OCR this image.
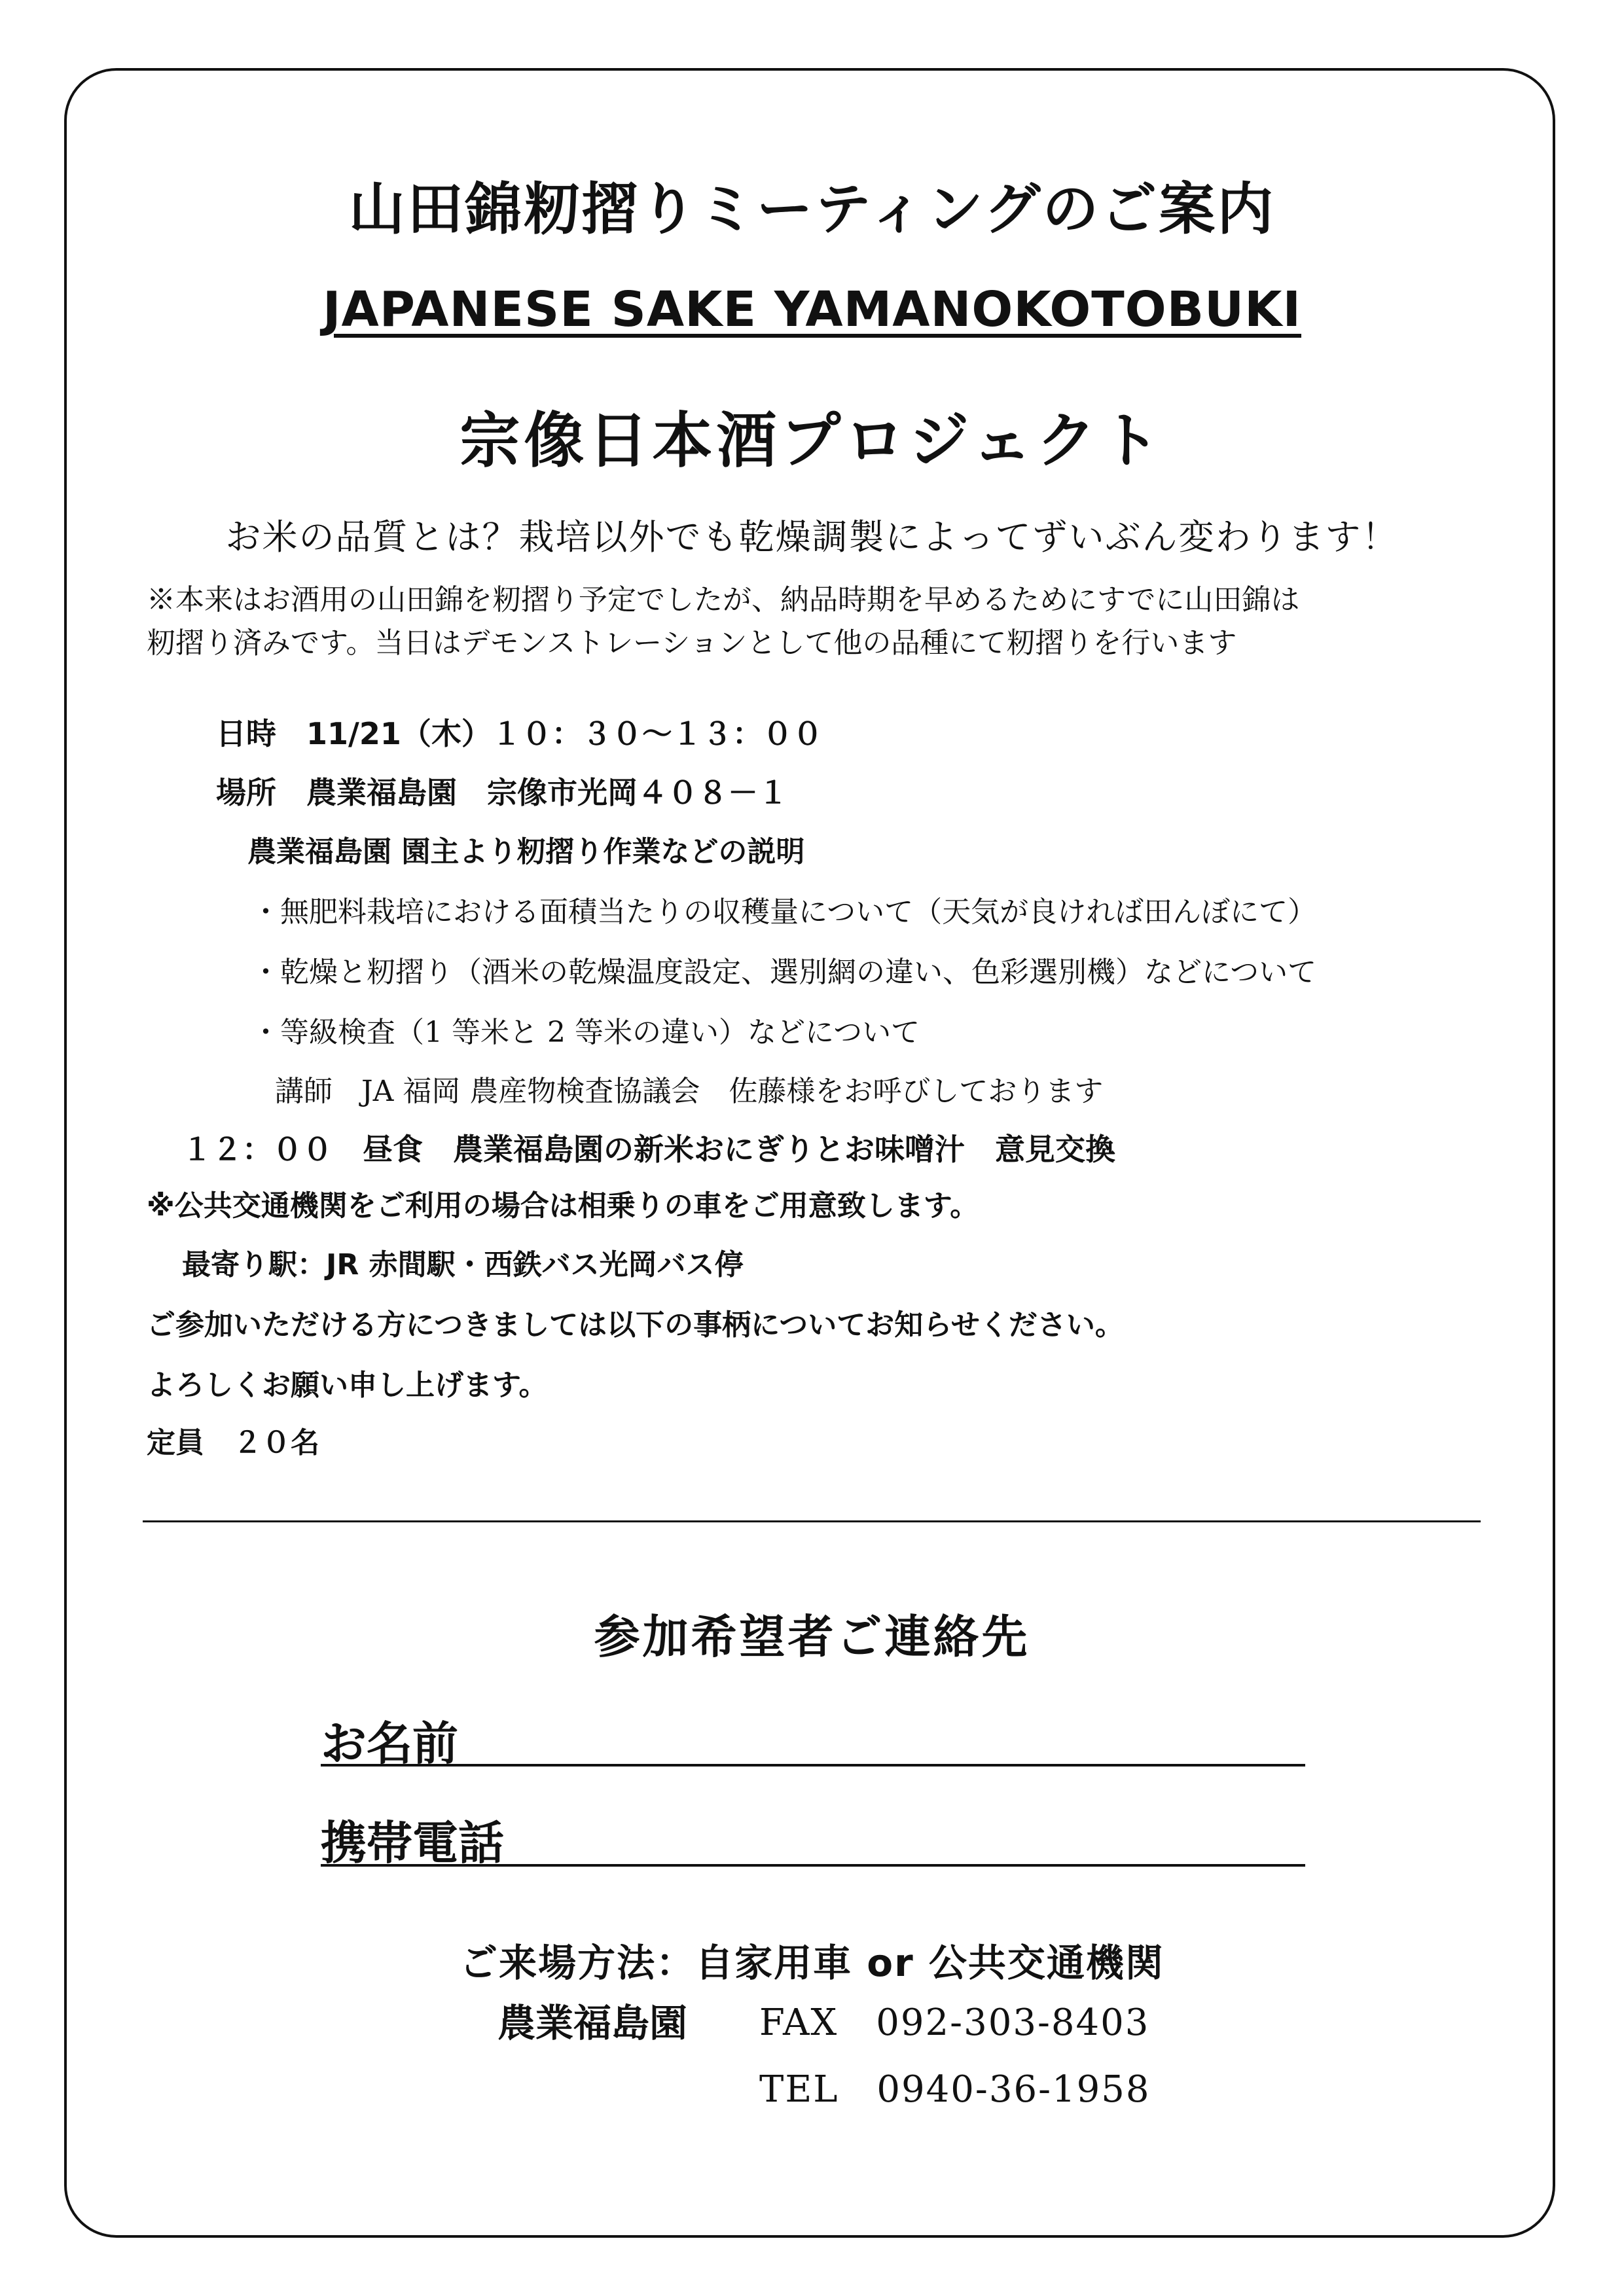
山田錦籾摺りミーティングのご案内
JAPANESE SAKE YAMANOKOTOBUKI
宗像日本酒プロジェクト
お米の品質とは？栽培以外でも乾燥調製によってずいぶん変わります！
※本来はお酒用の山田錦を籾摺り予定でしたが、納品時期を早めるためにすでに山田錦は
籾摺り済みです。当日はデモンストレーションとして他の品種にて籾摺りを行います
日時　11/21（木）１０：３０～１３：００
場所　農業福島園　宗像市光岡４０８－１
農業福島園 園主より籾摺り作業などの説明
・無肥料栽培における面積当たりの収穫量について（天気が良ければ田んぼにて）
・乾燥と籾摺り（酒米の乾燥温度設定、選別網の違い、色彩選別機）などについて
・等級検査（1 等米と 2 等米の違い）などについて
講師　JA 福岡 農産物検査協議会　佐藤様をお呼びしております
１２：００　昼食　農業福島園の新米おにぎりとお味噌汁　意見交換
※公共交通機関をご利用の場合は相乗りの車をご用意致します。
最寄り駅：JR 赤間駅・西鉄バス光岡バス停
ご参加いただける方につきましては以下の事柄についてお知らせください。
よろしくお願い申し上げます。
定員　２０名
参加希望者ご連絡先
お名前
携帯電話
ご来場方法：自家用車 or 公共交通機関
農業福島園 FAX　092-303-8403
TEL　0940-36-1958
